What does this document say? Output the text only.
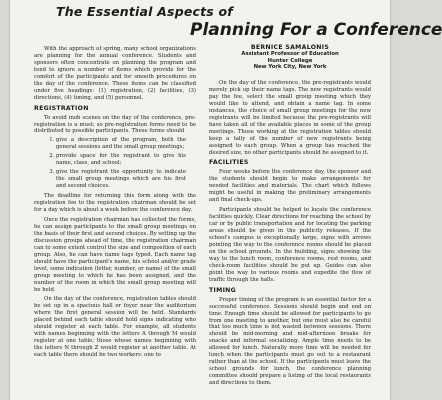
The Essential Aspects of
Planning For a Conference

With the approach of spring, many school organizations are planning for the annual conference. Students and sponsors often concentrate on planning the program and tend to ignore a number of items which provide for the comfort of the participants and for smooth procedures on the day of the conference. These items can be classified under five headings: (1) registration, (2) facilities, (3) directions, (4) timing, and (5) personnel.

REGISTRATION

To avoid mob scenes on the day of the conference, pre-registration is a must; so pre-registration forms need to be distributed to possible participants. These forms should

1. give a description of the program, both the general sessions and the small group meetings;
2. provide space for the registrant to give his name, class, and school;
3. give the registrant the opportunity to indicate the small group meetings which are his first and second choices.

The deadline for returning this form along with the registration fee to the registration chairman should be set for a day which is about a week before the conference day.

Once the registration chairman has collected the forms, he can assign participants to the small group meetings on the basis of their first and second choices. By setting up the discussion groups ahead of time, the registration chairman can to some extent control the size and composition of each group. Also, he can have name tags typed. Each name tag should have the participant's name, his school and/or grade level, some indication (letter, number, or name) of the small group meeting to which he has been assigned, and the number of the room in which the small group meeting will be held.

On the day of the conference, registration tables should be set up in a spacious hall or foyer near the auditorium where the first general session will be held. Standards placed behind each table should hold signs indicating who should register at each table. For example, all students with names beginning with the letters A through M would register at one table; those whose names beginning with the letters N through Z would register at another table. At each table there should be two workers: one to

BERNICE SAMALONIS
Assistant Professor of Education
Hunter College
New York City, New York

On the day of the conference, the pre-registrants would merely pick up their name tags. The new registrants would pay the fee, select the small group meeting which they would like to attend, and obtain a name tag. In some instances, the choice of small group meetings for the new registrants will be limited because the pre-registrants will have taken all of the available places in some of the group meetings. Those working at the registration tables should keep a tally of the number of new registrants being assigned to each group. When a group has reached the desired size, no other participants should be assigned to it.

FACILITIES

Four weeks before the conference day, the sponsor and the students should begin to make arrangements for needed facilities and materials. The chart which follows might be useful in making the preliminary arrangements and final check-ups.

Participants should be helped to locate the conference facilities quickly. Clear directions for reaching the school by car or by public transportation and for locating the parking areas should be given in the publicity releases. If the school's campus is exceptionally large, signs with arrows pointing the way to the conference rooms should be placed on the school grounds. In the building, signs showing the way to the lunch room, conference rooms, rest rooms, and check-room facilities should be put up. Guides can also point the way to various rooms and expedite the flow of traffic through the halls.

TIMING

Proper timing of the program is an essential factor for a successful conference. Sessions should begin and end on time. Enough time should be allowed for participants to go from one meeting to another, but one must also be careful that too much time is not wasted between sessions. There should be mid-morning and mid-afternoon breaks for snacks and informal socializing. Ample time needs to be allowed for lunch. Naturally more time will be needed for lunch when the participants must go out to a restaurant rather than at the school. If the participants must leave the school grounds for lunch, the conference planning committee should prepare a listing of the local restaurants and directions to them.
